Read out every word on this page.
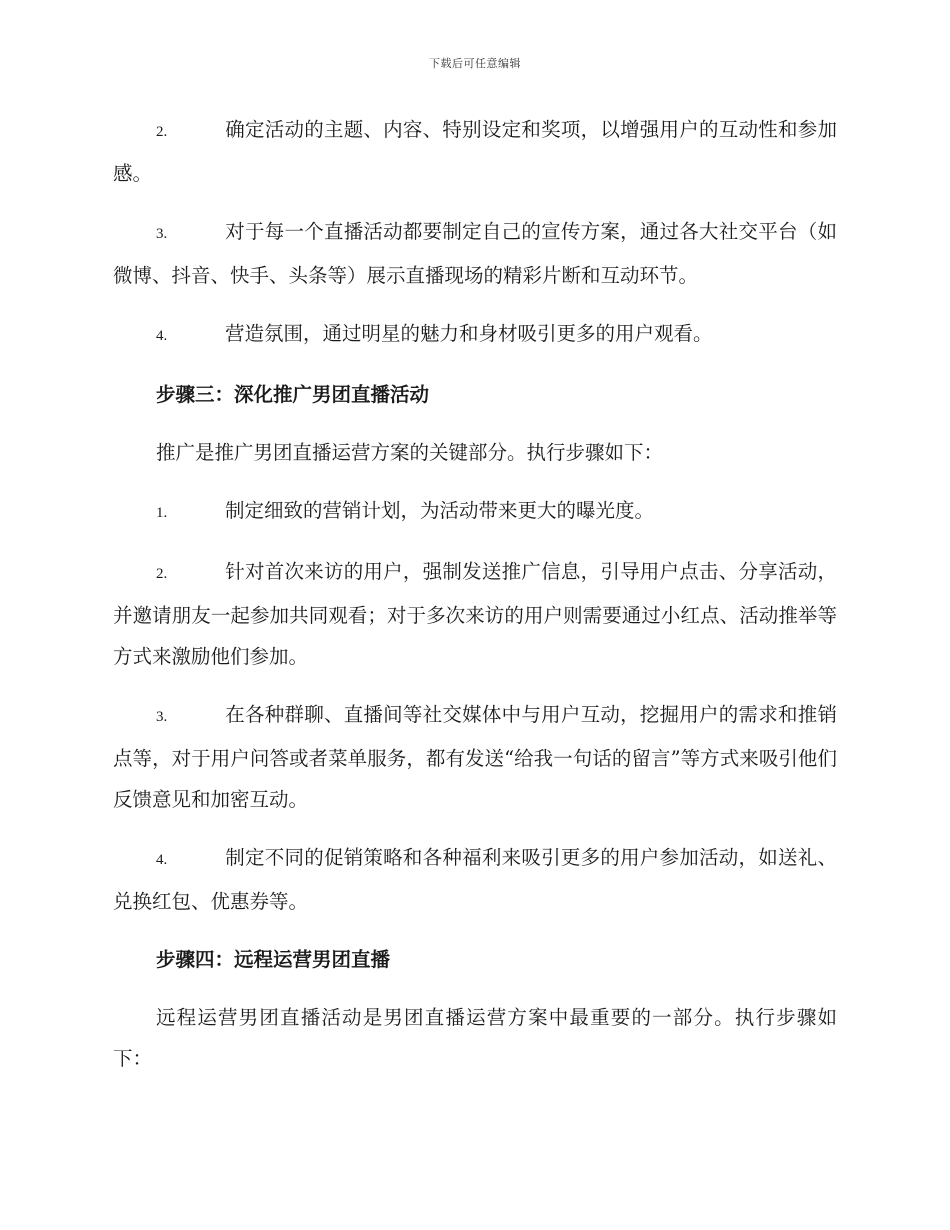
下载后可任意编辑

2.	确定活动的主题、内容、特别设定和奖项，以增强用户的互动性和参加感。

3.	对于每一个直播活动都要制定自己的宣传方案，通过各大社交平台（如微博、抖音、快手、头条等）展示直播现场的精彩片断和互动环节。

4.	营造氛围，通过明星的魅力和身材吸引更多的用户观看。

步骤三：深化推广男团直播活动

推广是推广男团直播运营方案的关键部分。执行步骤如下：

1.	制定细致的营销计划，为活动带来更大的曝光度。

2.	针对首次来访的用户，强制发送推广信息，引导用户点击、分享活动，并邀请朋友一起参加共同观看；对于多次来访的用户则需要通过小红点、活动推举等方式来激励他们参加。

3.	在各种群聊、直播间等社交媒体中与用户互动，挖掘用户的需求和推销点等，对于用户问答或者菜单服务，都有发送“给我一句话的留言”等方式来吸引他们反馈意见和加密互动。

4.	制定不同的促销策略和各种福利来吸引更多的用户参加活动，如送礼、兑换红包、优惠券等。

步骤四：远程运营男团直播

远程运营男团直播活动是男团直播运营方案中最重要的一部分。执行步骤如下：
